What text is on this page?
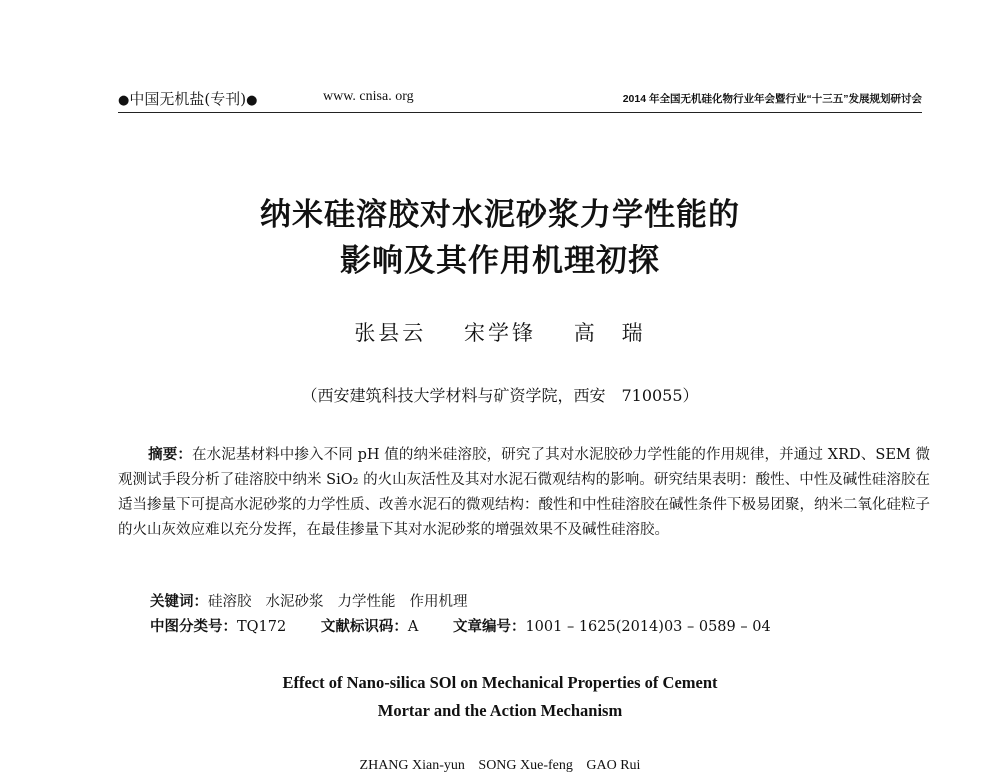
●中国无机盐(专刊)●	www. cnisa. org	2014 年全国无机硅化物行业年会暨行业“十三五”发展规划研讨会
纳米硅溶胶对水泥砂浆力学性能的
影响及其作用机理初探
张县云 宋学锋 高　瑞
（西安建筑科技大学材料与矿资学院，西安　710055）
摘要：在水泥基材料中掺入不同 pH 值的纳米硅溶胶，研究了其对水泥胶砂力学性能的作用规律，并通过 XRD、SEM 微观测试手段分析了硅溶胶中纳米 SiO₂ 的火山灰活性及其对水泥石微观结构的影响。研究结果表明：酸性、中性及碱性硅溶胶在适当掺量下可提高水泥砂浆的力学性质、改善水泥石的微观结构：酸性和中性硅溶胶在碱性条件下极易团聚，纳米二氧化硅粒子的火山灰效应难以充分发挥，在最佳掺量下其对水泥砂浆的增强效果不及碱性硅溶胶。
关键词：硅溶胶 水泥砂浆 力学性能 作用机理
中图分类号：TQ172 文献标识码：A 文章编号：1001 – 1625(2014)03 – 0589 – 04
Effect of Nano-silica SOl on Mechanical Properties of Cement
Mortar and the Action Mechanism
ZHANG Xian-yun SONG Xue-feng GAO Rui
